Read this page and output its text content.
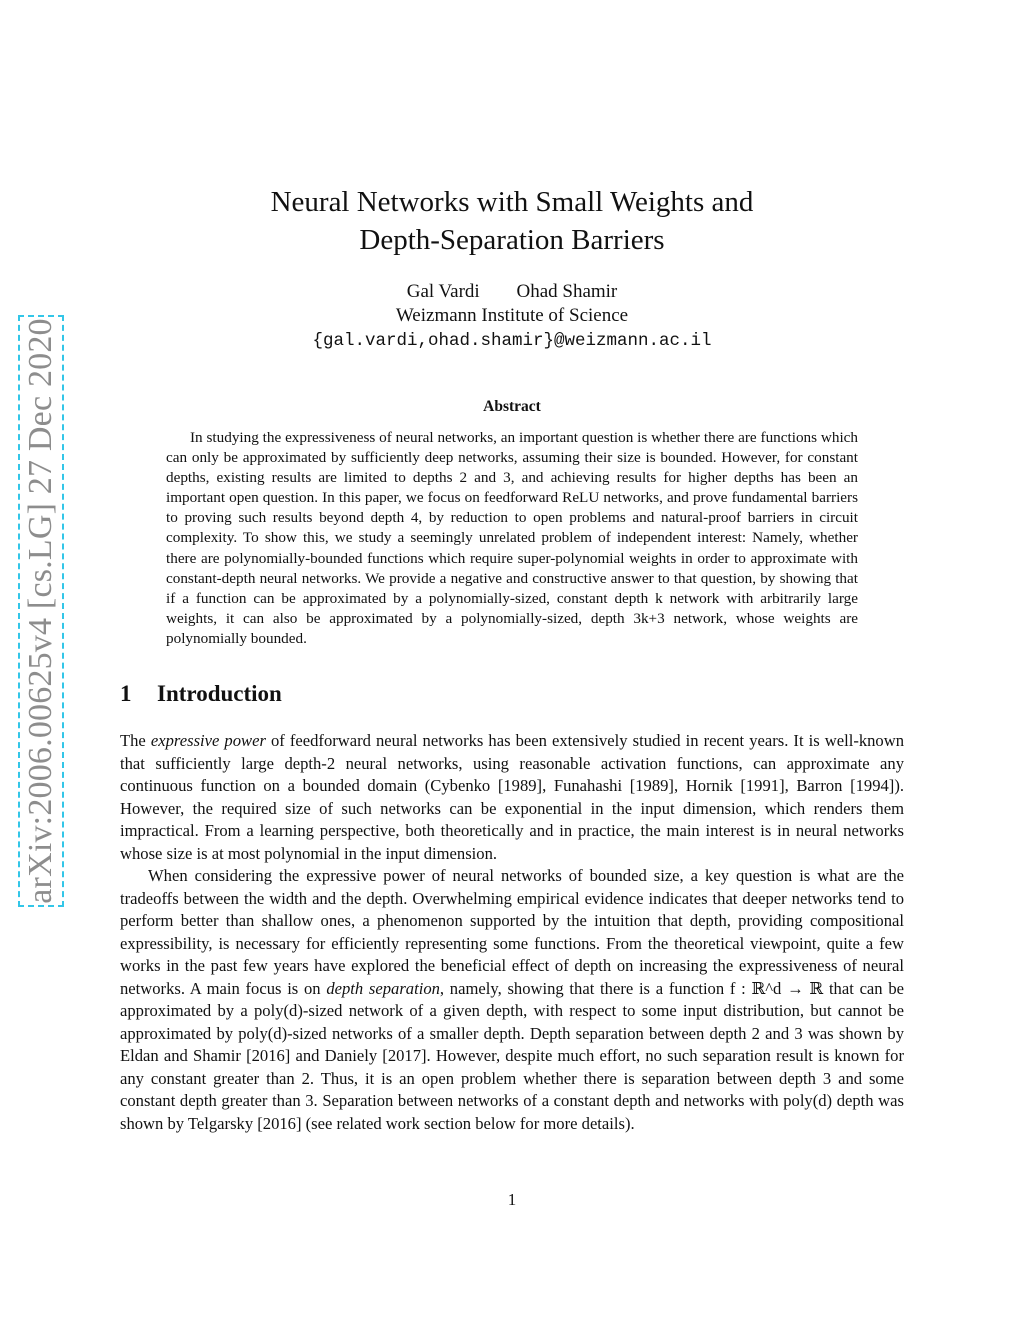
arXiv:2006.00625v4 [cs.LG] 27 Dec 2020
Neural Networks with Small Weights and
Depth-Separation Barriers
Gal Vardi Ohad Shamir
Weizmann Institute of Science
{gal.vardi,ohad.shamir}@weizmann.ac.il
Abstract

In studying the expressiveness of neural networks, an important question is whether there are functions which can only be approximated by sufficiently deep networks, assuming their size is bounded. However, for constant depths, existing results are limited to depths 2 and 3, and achieving results for higher depths has been an important open question. In this paper, we focus on feedforward ReLU networks, and prove fundamental barriers to proving such results beyond depth 4, by reduction to open problems and natural-proof barriers in circuit complexity. To show this, we study a seemingly unrelated problem of independent interest: Namely, whether there are polynomially-bounded functions which require super-polynomial weights in order to approximate with constant-depth neural networks. We provide a negative and constructive answer to that question, by showing that if a function can be approximated by a polynomially-sized, constant depth k network with arbitrarily large weights, it can also be approximated by a polynomially-sized, depth 3k+3 network, whose weights are polynomially bounded.

1 Introduction

The expressive power of feedforward neural networks has been extensively studied in recent years. It is well-known that sufficiently large depth-2 neural networks, using reasonable activation functions, can approximate any continuous function on a bounded domain (Cybenko [1989], Funahashi [1989], Hornik [1991], Barron [1994]). However, the required size of such networks can be exponential in the input dimension, which renders them impractical. From a learning perspective, both theoretically and in practice, the main interest is in neural networks whose size is at most polynomial in the input dimension.

When considering the expressive power of neural networks of bounded size, a key question is what are the tradeoffs between the width and the depth. Overwhelming empirical evidence indicates that deeper networks tend to perform better than shallow ones, a phenomenon supported by the intuition that depth, providing compositional expressibility, is necessary for efficiently representing some functions. From the theoretical viewpoint, quite a few works in the past few years have explored the beneficial effect of depth on increasing the expressiveness of neural networks. A main focus is on depth separation, namely, showing that there is a function f : ℝ^d → ℝ that can be approximated by a poly(d)-sized network of a given depth, with respect to some input distribution, but cannot be approximated by poly(d)-sized networks of a smaller depth. Depth separation between depth 2 and 3 was shown by Eldan and Shamir [2016] and Daniely [2017]. However, despite much effort, no such separation result is known for any constant greater than 2. Thus, it is an open problem whether there is separation between depth 3 and some constant depth greater than 3. Separation between networks of a constant depth and networks with poly(d) depth was shown by Telgarsky [2016] (see related work section below for more details).

1
